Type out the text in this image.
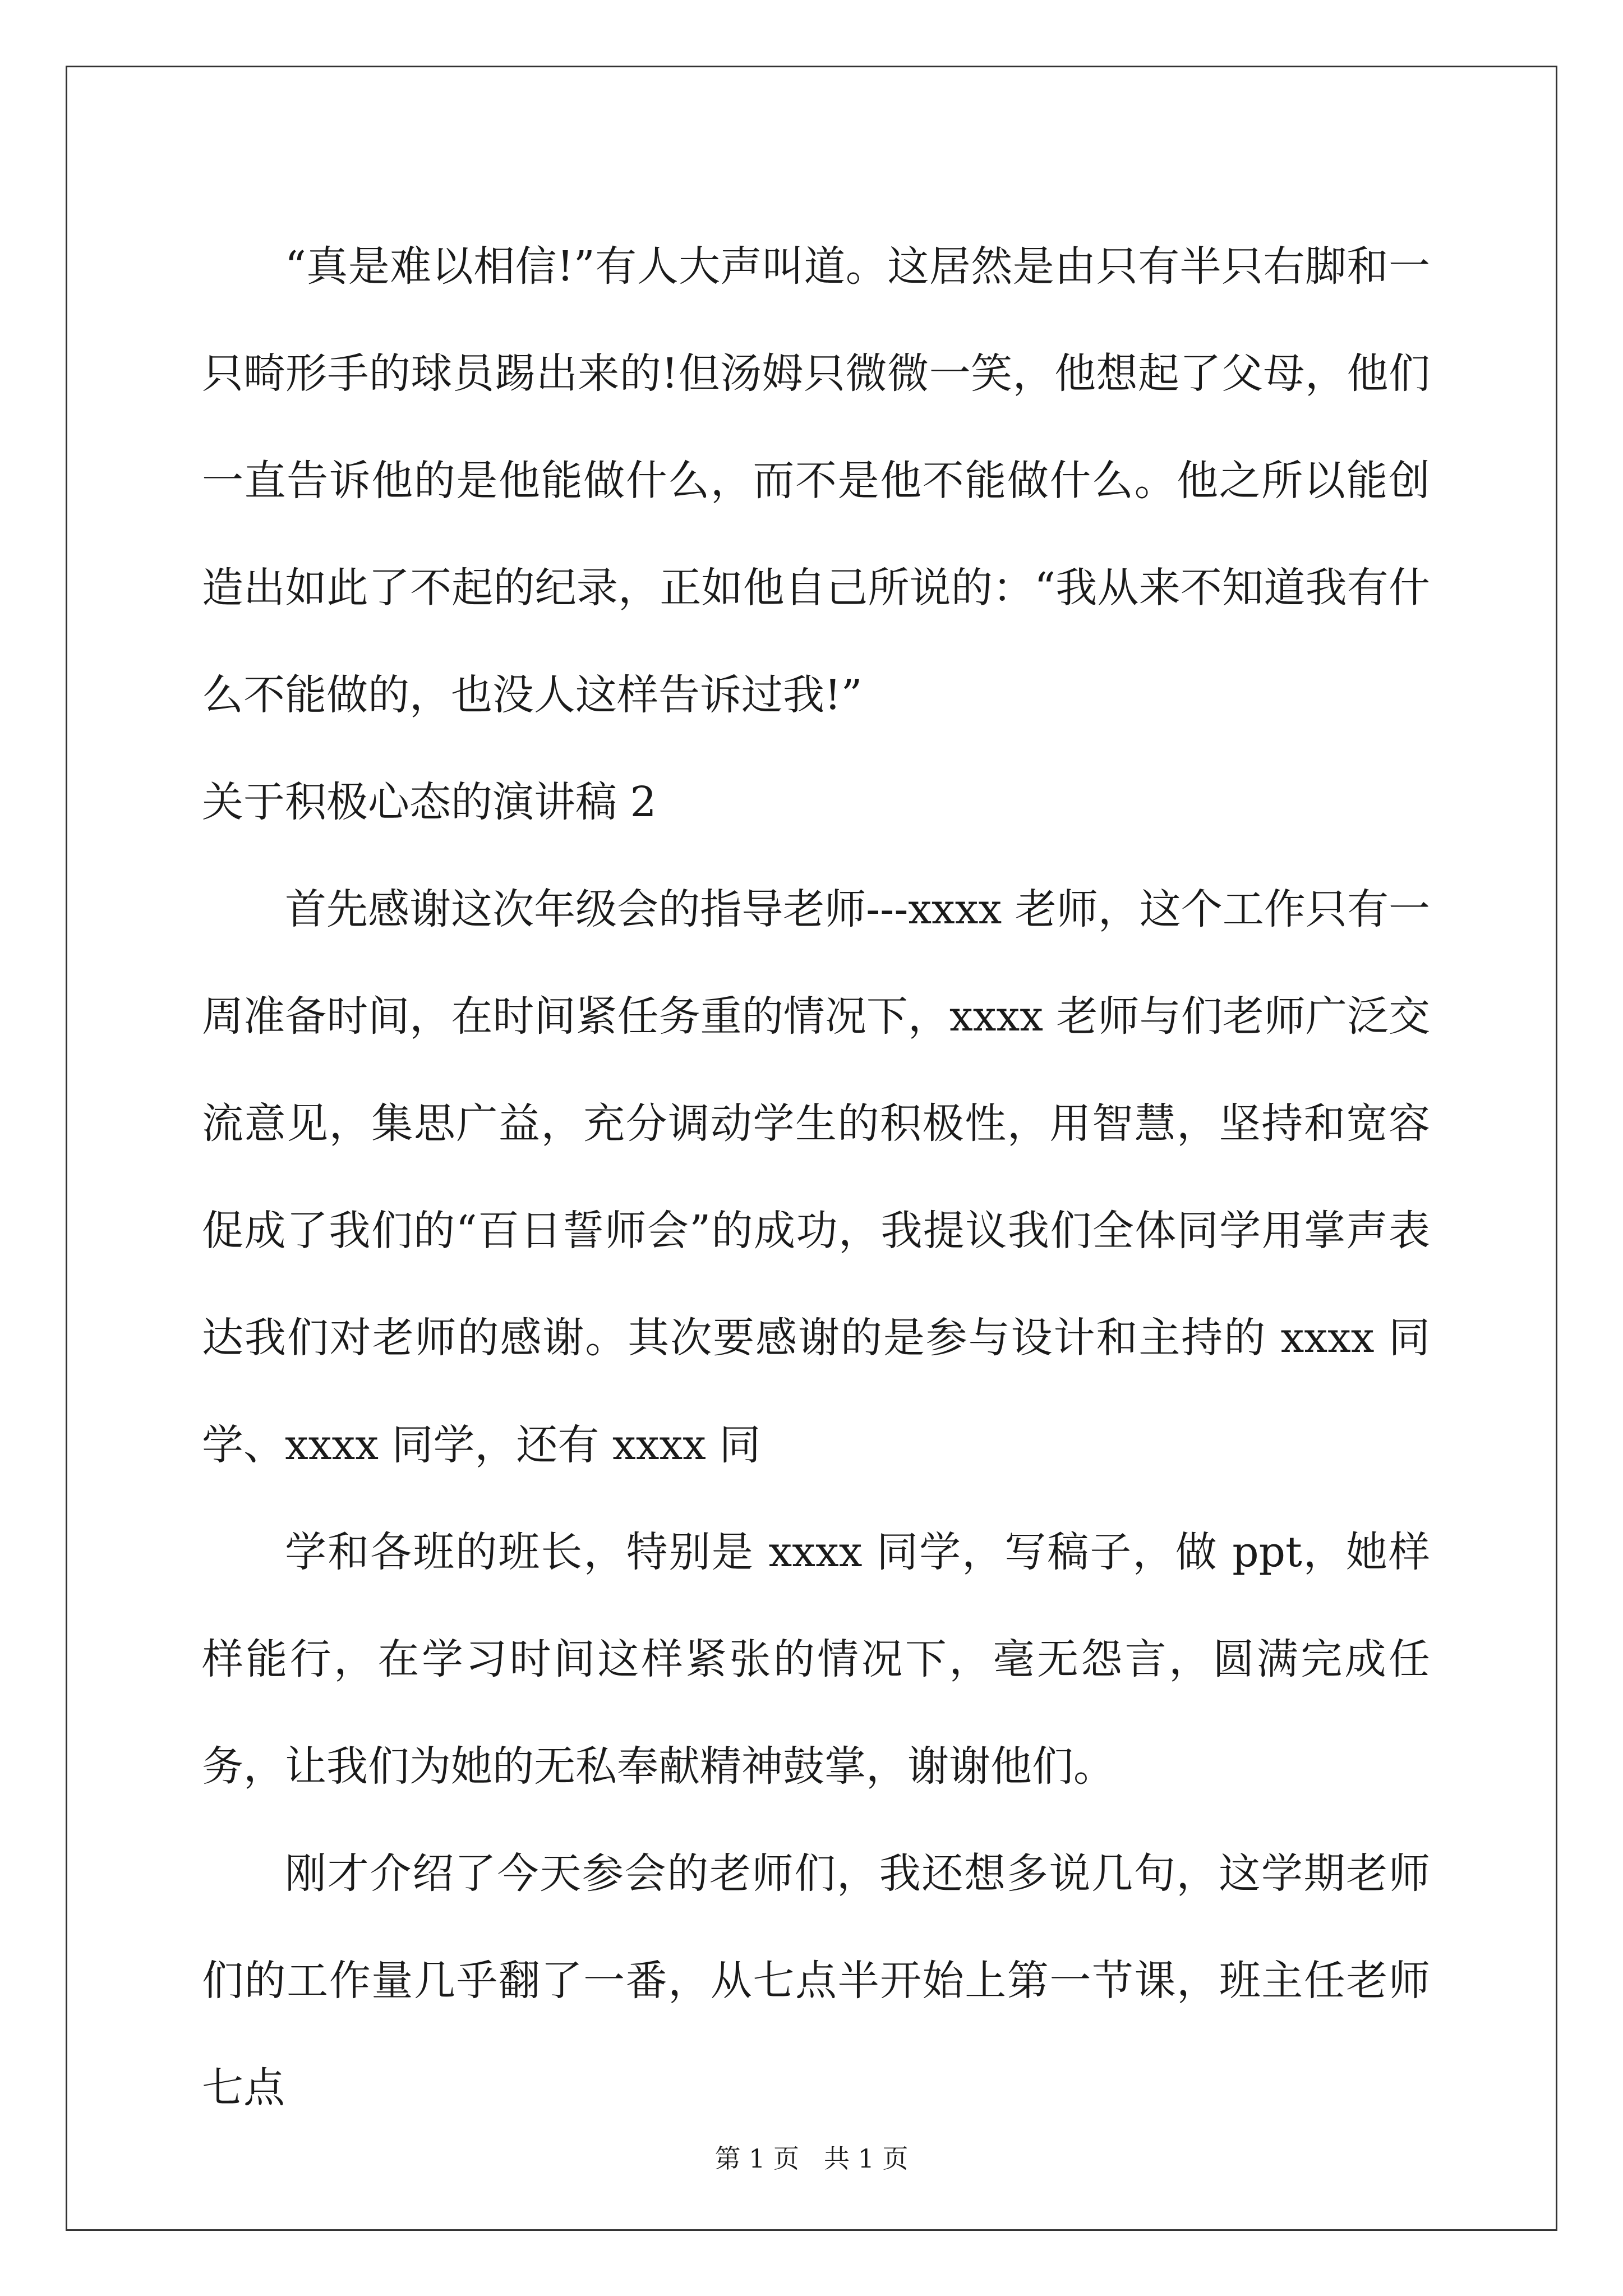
“真是难以相信!”有人大声叫道。这居然是由只有半只右脚和一只畸形手的球员踢出来的!但汤姆只微微一笑，他想起了父母，他们一直告诉他的是他能做什么，而不是他不能做什么。他之所以能创造出如此了不起的纪录，正如他自己所说的：“我从来不知道我有什么不能做的，也没人这样告诉过我!”

关于积极心态的演讲稿 2

首先感谢这次年级会的指导老师---xxxx 老师，这个工作只有一周准备时间，在时间紧任务重的情况下，xxxx 老师与们老师广泛交流意见，集思广益，充分调动学生的积极性，用智慧，坚持和宽容促成了我们的“百日誓师会”的成功，我提议我们全体同学用掌声表达我们对老师的感谢。其次要感谢的是参与设计和主持的 xxxx 同学、xxxx 同学，还有 xxxx 同

学和各班的班长，特别是 xxxx 同学，写稿子，做 ppt，她样样能行，在学习时间这样紧张的情况下，毫无怨言，圆满完成任务，让我们为她的无私奉献精神鼓掌，谢谢他们。

刚才介绍了今天参会的老师们，我还想多说几句，这学期老师们的工作量几乎翻了一番，从七点半开始上第一节课，班主任老师七点

第 1 页 共 1 页
